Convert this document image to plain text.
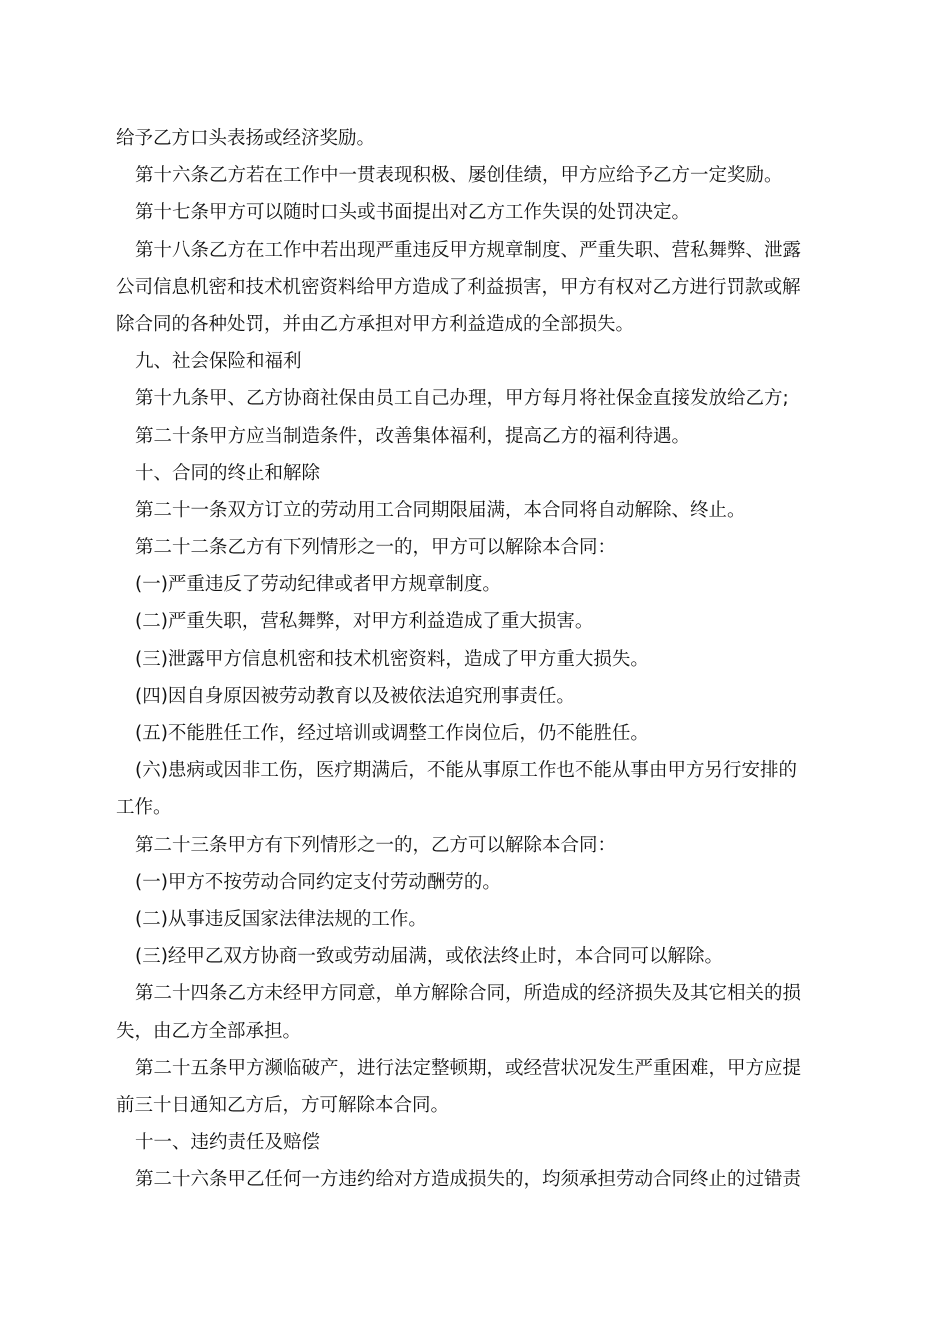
给予乙方口头表扬或经济奖励。
第十六条乙方若在工作中一贯表现积极、屡创佳绩，甲方应给予乙方一定奖励。
第十七条甲方可以随时口头或书面提出对乙方工作失误的处罚决定。
第十八条乙方在工作中若出现严重违反甲方规章制度、严重失职、营私舞弊、泄露
公司信息机密和技术机密资料给甲方造成了利益损害，甲方有权对乙方进行罚款或解
除合同的各种处罚，并由乙方承担对甲方利益造成的全部损失。
九、社会保险和福利
第十九条甲、乙方协商社保由员工自己办理，甲方每月将社保金直接发放给乙方;
第二十条甲方应当制造条件，改善集体福利，提高乙方的福利待遇。
十、合同的终止和解除
第二十一条双方订立的劳动用工合同期限届满，本合同将自动解除、终止。
第二十二条乙方有下列情形之一的，甲方可以解除本合同：
(一)严重违反了劳动纪律或者甲方规章制度。
(二)严重失职，营私舞弊，对甲方利益造成了重大损害。
(三)泄露甲方信息机密和技术机密资料，造成了甲方重大损失。
(四)因自身原因被劳动教育以及被依法追究刑事责任。
(五)不能胜任工作，经过培训或调整工作岗位后，仍不能胜任。
(六)患病或因非工伤，医疗期满后，不能从事原工作也不能从事由甲方另行安排的
工作。
第二十三条甲方有下列情形之一的，乙方可以解除本合同：
(一)甲方不按劳动合同约定支付劳动酬劳的。
(二)从事违反国家法律法规的工作。
(三)经甲乙双方协商一致或劳动届满，或依法终止时，本合同可以解除。
第二十四条乙方未经甲方同意，单方解除合同，所造成的经济损失及其它相关的损
失，由乙方全部承担。
第二十五条甲方濒临破产，进行法定整顿期，或经营状况发生严重困难，甲方应提
前三十日通知乙方后，方可解除本合同。
十一、违约责任及赔偿
第二十六条甲乙任何一方违约给对方造成损失的，均须承担劳动合同终止的过错责
